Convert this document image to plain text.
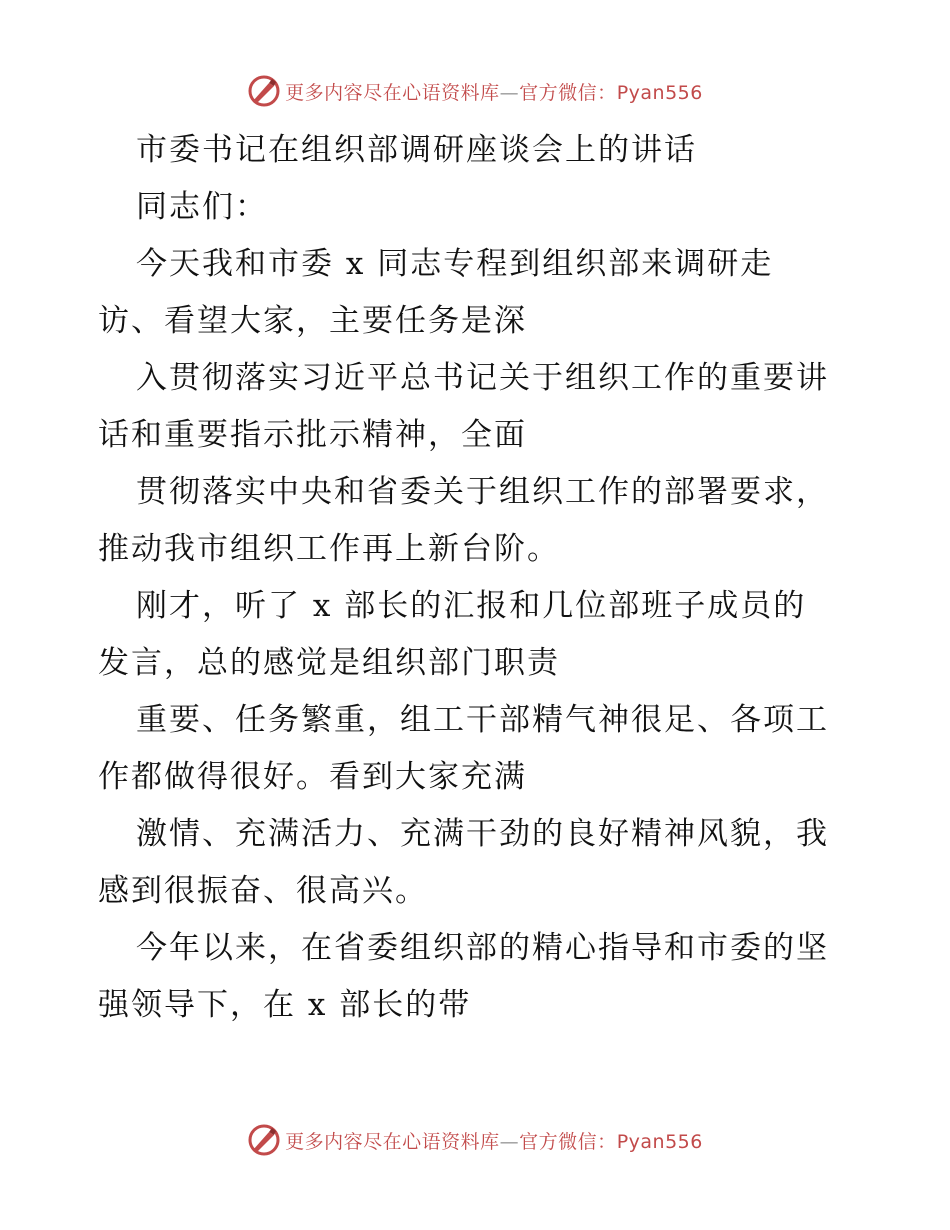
更多内容尽在心语资料库—官方微信：Pyan556
市委书记在组织部调研座谈会上的讲话
同志们：
今天我和市委 x 同志专程到组织部来调研走
访、看望大家，主要任务是深
入贯彻落实习近平总书记关于组织工作的重要讲
话和重要指示批示精神，全面
贯彻落实中央和省委关于组织工作的部署要求，
推动我市组织工作再上新台阶。
刚才，听了 x 部长的汇报和几位部班子成员的
发言，总的感觉是组织部门职责
重要、任务繁重，组工干部精气神很足、各项工
作都做得很好。看到大家充满
激情、充满活力、充满干劲的良好精神风貌，我
感到很振奋、很高兴。
今年以来，在省委组织部的精心指导和市委的坚
强领导下，在 x 部长的带
更多内容尽在心语资料库—官方微信：Pyan556
